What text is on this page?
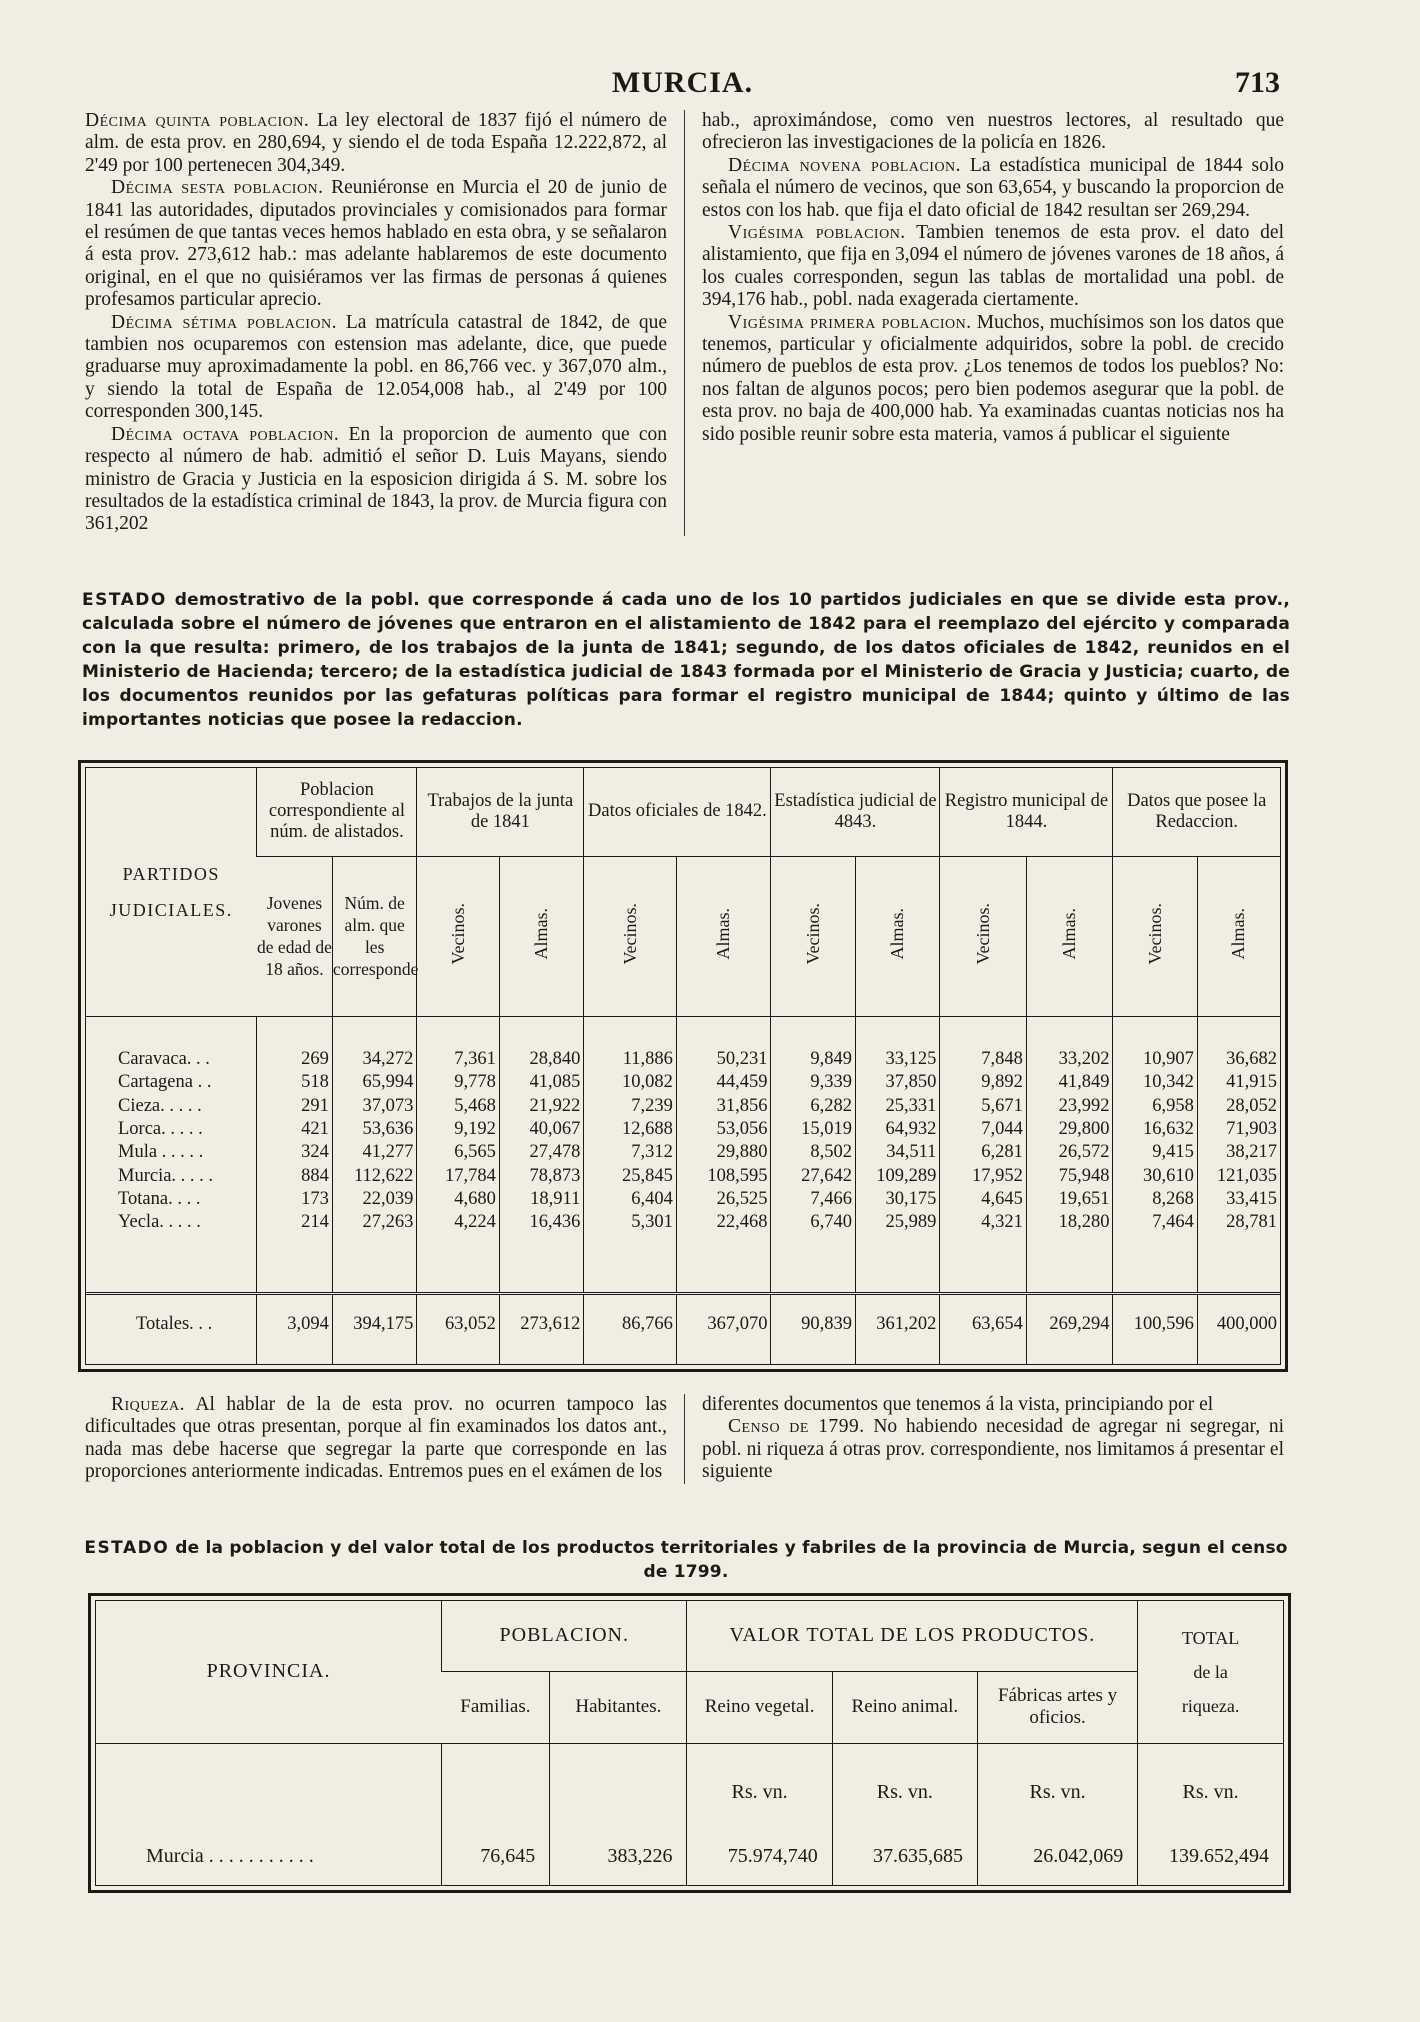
MURCIA.	713

Décima quinta poblacion. La ley electoral de 1837 fijó el número de alm. de esta prov. en 280,694, y siendo el de toda España 12.222,872, al 2'49 por 100 pertenecen 304,349.

Décima sesta poblacion. Reuniéronse en Murcia el 20 de junio de 1841 las autoridades, diputados provinciales y comisionados para formar el resúmen de que tantas veces hemos hablado en esta obra, y se señalaron á esta prov. 273,612 hab.: mas adelante hablaremos de este documento original, en el que no quisiéramos ver las firmas de personas á quienes profesamos particular aprecio.

Décima sétima poblacion. La matrícula catastral de 1842, de que tambien nos ocuparemos con estension mas adelante, dice, que puede graduarse muy aproximadamente la pobl. en 86,766 vec. y 367,070 alm., y siendo la total de España de 12.054,008 hab., al 2'49 por 100 corresponden 300,145.

Décima octava poblacion. En la proporcion de aumento que con respecto al número de hab. admitió el señor D. Luis Mayans, siendo ministro de Gracia y Justicia en la esposicion dirigida á S. M. sobre los resultados de la estadística criminal de 1843, la prov. de Murcia figura con 361,202

hab., aproximándose, como ven nuestros lectores, al resultado que ofrecieron las investigaciones de la policía en 1826.

Décima novena poblacion. La estadística municipal de 1844 solo señala el número de vecinos, que son 63,654, y buscando la proporcion de estos con los hab. que fija el dato oficial de 1842 resultan ser 269,294.

Vigésima poblacion. Tambien tenemos de esta prov. el dato del alistamiento, que fija en 3,094 el número de jóvenes varones de 18 años, á los cuales corresponden, segun las tablas de mortalidad una pobl. de 394,176 hab., pobl. nada exagerada ciertamente.

Vigésima primera poblacion. Muchos, muchísimos son los datos que tenemos, particular y oficialmente adquiridos, sobre la pobl. de crecido número de pueblos de esta prov. ¿Los tenemos de todos los pueblos? No: nos faltan de algunos pocos; pero bien podemos asegurar que la pobl. de esta prov. no baja de 400,000 hab. Ya examinadas cuantas noticias nos ha sido posible reunir sobre esta materia, vamos á publicar el siguiente

ESTADO demostrativo de la pobl. que corresponde á cada uno de los 10 partidos judiciales en que se divide esta prov., calculada sobre el número de jóvenes que entraron en el alistamiento de 1842 para el reemplazo del ejército y comparada con la que resulta: primero, de los trabajos de la junta de 1841; segundo, de los datos oficiales de 1842, reunidos en el Ministerio de Hacienda; tercero; de la estadística judicial de 1843 formada por el Ministerio de Gracia y Justicia; cuarto, de los documentos reunidos por las gefaturas políticas para formar el registro municipal de 1844; quinto y último de las importantes noticias que posee la redaccion.
PARTIDOS JUDICIALES.	Poblacion correspondiente al núm. de alistados.		Trabajos de la junta de 1841		Datos oficiales de 1842.		Estadística judicial de 4843.		Registro municipal de 1844.		Datos que posee la Redaccion.	
	Jovenes varones de edad de 18 años.	Núm. de alm. que les corresponde	Vecinos.	Almas.	Vecinos.	Almas.	Vecinos.	Almas.	Vecinos.	Almas.	Vecinos.	Almas.

Caravaca. . .	269	34,272	7,361	28,840	11,886	50,231	9,849	33,125	7,848	33,202	10,907	36,682
Cartagena . .	518	65,994	9,778	41,085	10,082	44,459	9,339	37,850	9,892	41,849	10,342	41,915
Cieza. . . . .	291	37,073	5,468	21,922	7,239	31,856	6,282	25,331	5,671	23,992	6,958	28,052
Lorca. . . . .	421	53,636	9,192	40,067	12,688	53,056	15,019	64,932	7,044	29,800	16,632	71,903
Mula . . . . .	324	41,277	6,565	27,478	7,312	29,880	8,502	34,511	6,281	26,572	9,415	38,217
Murcia. . . . .	884	112,622	17,784	78,873	25,845	108,595	27,642	109,289	17,952	75,948	30,610	121,035
Totana. . . .	173	22,039	4,680	18,911	6,404	26,525	7,466	30,175	4,645	19,651	8,268	33,415
Yecla. . . . .	214	27,263	4,224	16,436	5,301	22,468	6,740	25,989	4,321	18,280	7,464	28,781

Totales. . .	3,094	394,175	63,052	273,612	86,766	367,070	90,839	361,202	63,654	269,294	100,596	400,000

Riqueza. Al hablar de la de esta prov. no ocurren tampoco las dificultades que otras presentan, porque al fin examinados los datos ant., nada mas debe hacerse que segregar la parte que corresponde en las proporciones anteriormente indicadas. Entremos pues en el exámen de los

diferentes documentos que tenemos á la vista, principiando por el

Censo de 1799. No habiendo necesidad de agregar ni segregar, ni pobl. ni riqueza á otras prov. correspondiente, nos limitamos á presentar el siguiente

ESTADO de la poblacion y del valor total de los productos territoriales y fabriles de la provincia de Murcia, segun el censo de 1799.
PROVINCIA.	POBLACION.		VALOR TOTAL DE LOS PRODUCTOS.			TOTAL
de la
riqueza.

	Familias.	Habitantes.	Reino vegetal.	Reino animal.	Fábricas artes y oficios.	
			Rs. vn.	Rs. vn.	Rs. vn.	Rs. vn.
Murcia . . . . . . . . . . .	76,645	383,226	75.974,740	37.635,685	26.042,069	139.652,494
